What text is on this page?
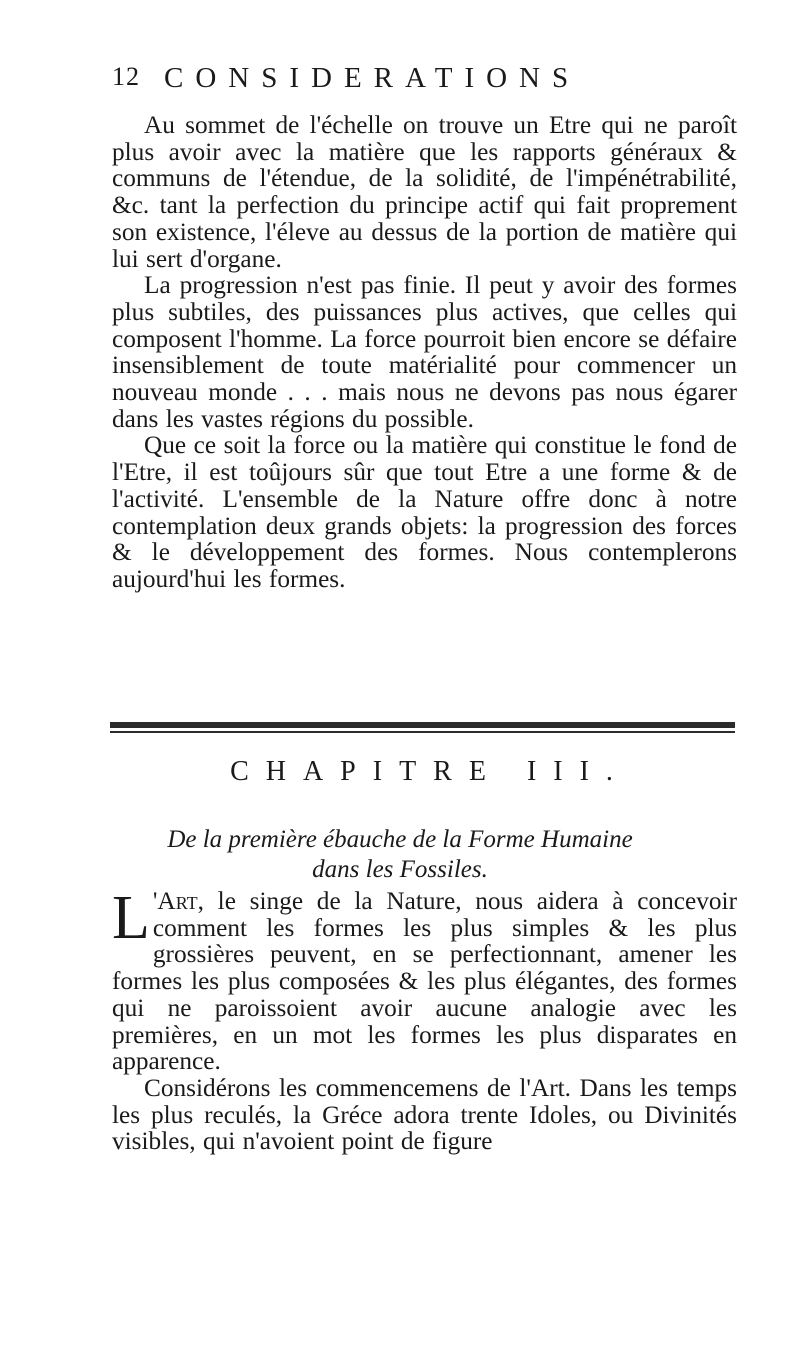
12 CONSIDERATIONS

Au sommet de l'échelle on trouve un Etre qui ne paroît plus avoir avec la matière que les rapports généraux & communs de l'étendue, de la solidité, de l'impénétrabilité, &c. tant la perfection du principe actif qui fait proprement son existence, l'éleve au dessus de la portion de matière qui lui sert d'organe.

La progression n'est pas finie. Il peut y avoir des formes plus subtiles, des puissances plus actives, que celles qui composent l'homme. La force pourroit bien encore se défaire insensiblement de toute matérialité pour commencer un nouveau monde . . . mais nous ne devons pas nous égarer dans les vastes régions du possible.

Que ce soit la force ou la matière qui constitue le fond de l'Etre, il est toûjours sûr que tout Etre a une forme & de l'activité. L'ensemble de la Nature offre donc à notre contemplation deux grands objets: la progression des forces & le développement des formes. Nous contemplerons aujourd'hui les formes.

CHAPITRE III.
De la première ébauche de la Forme Humaine
dans les Fossiles.

L 'Art, le singe de la Nature, nous aidera à concevoir comment les formes les plus simples & les plus grossières peuvent, en se perfectionnant, amener les formes les plus composées & les plus élégantes, des formes qui ne paroissoient avoir aucune analogie avec les premières, en un mot les formes les plus disparates en apparence.

Considérons les commencemens de l'Art. Dans les temps les plus reculés, la Gréce adora trente Idoles, ou Divinités visibles, qui n'avoient point de figure
